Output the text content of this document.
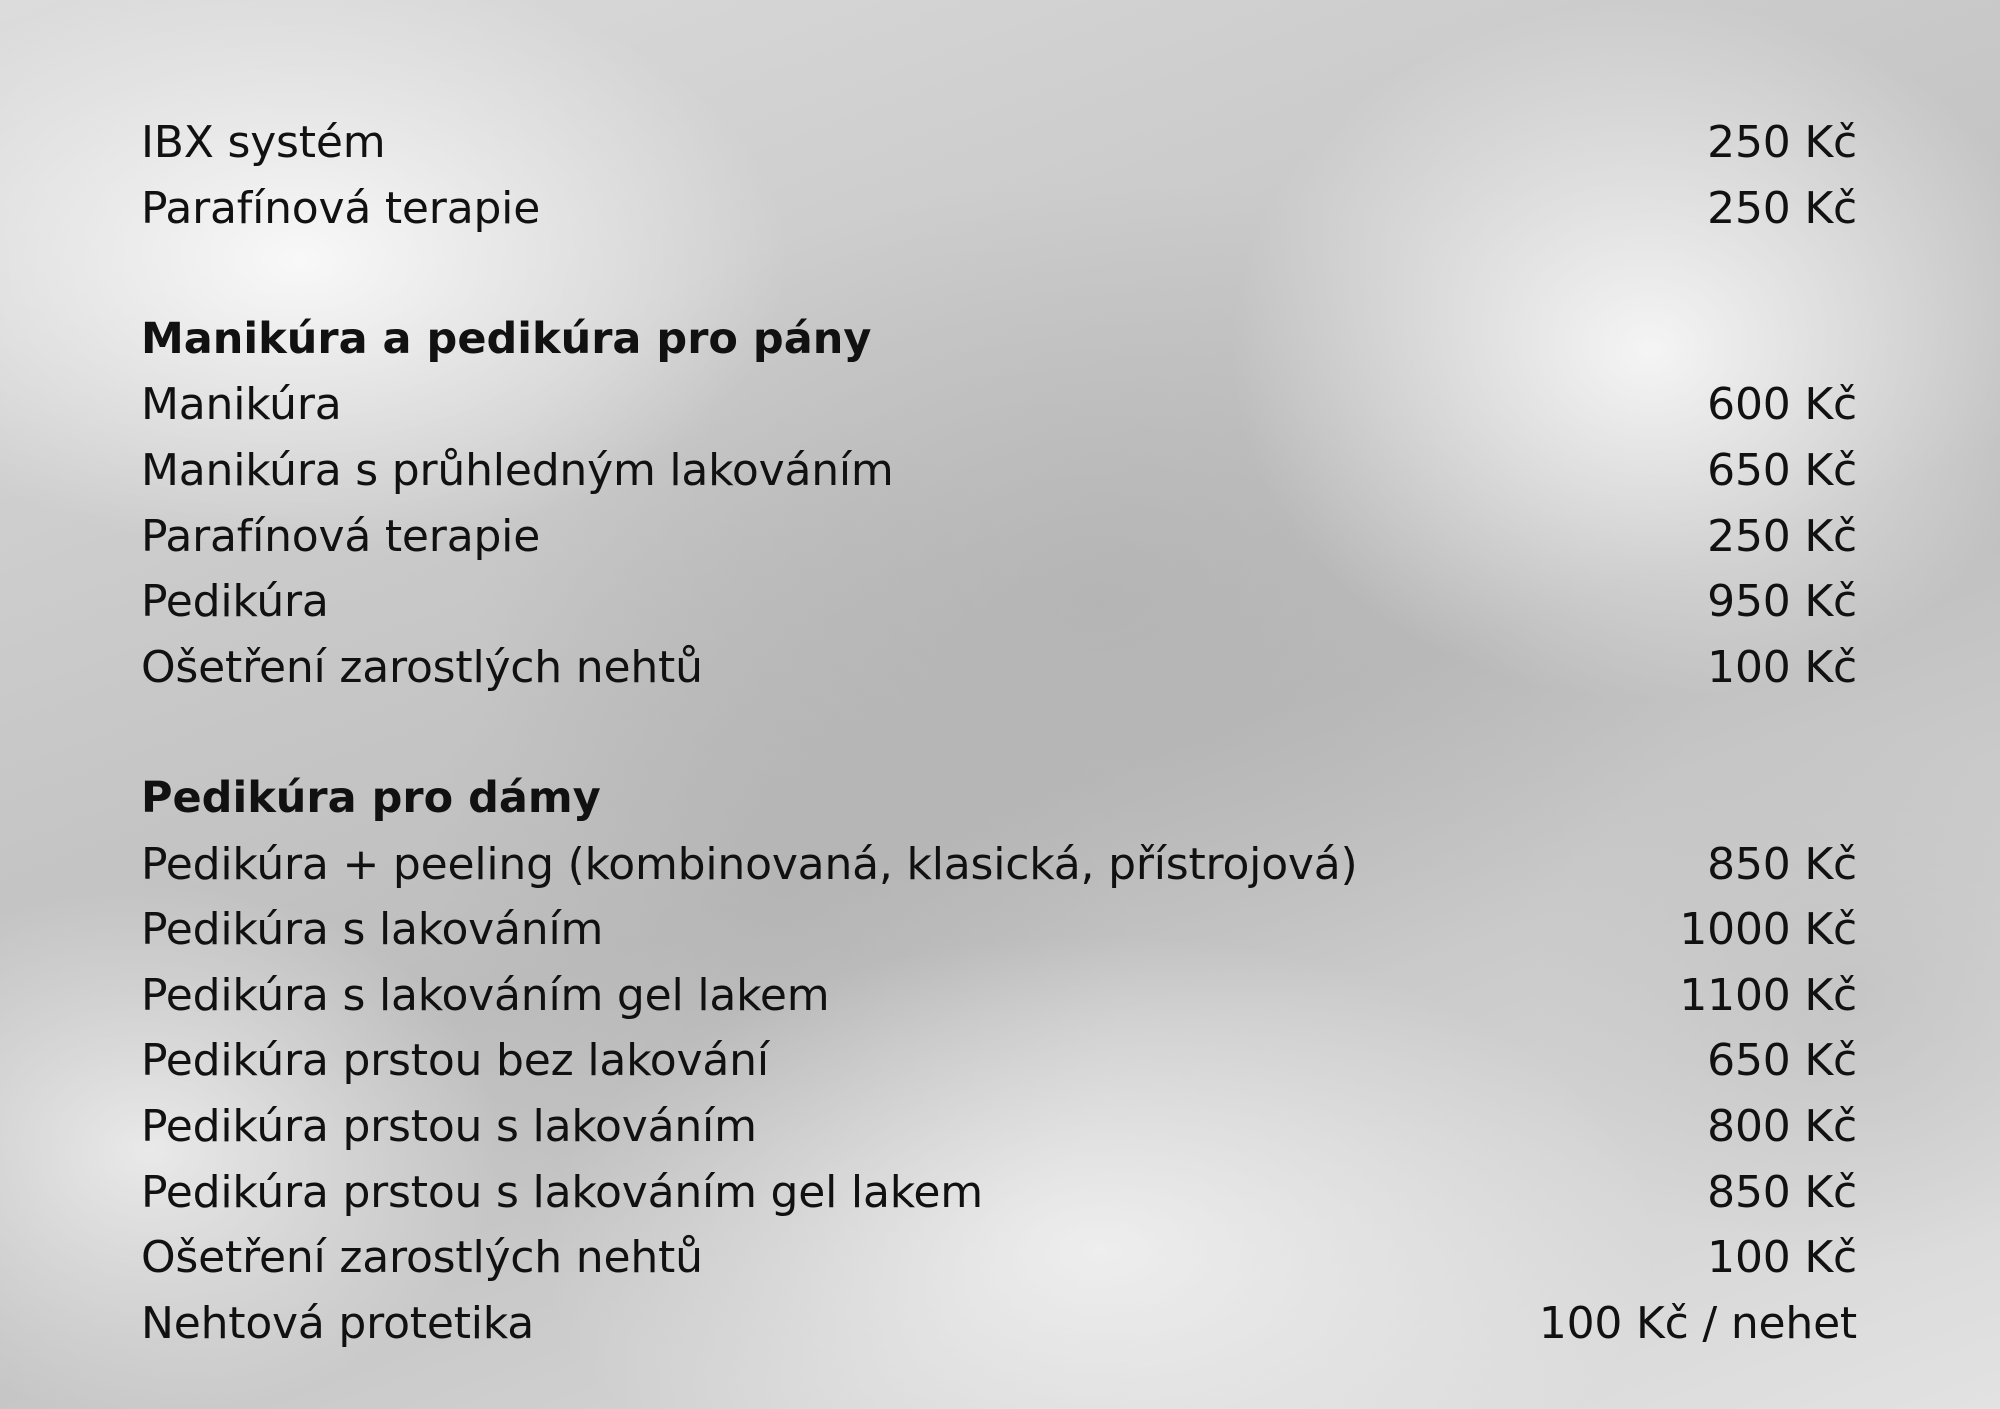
IBX systém	250 Kč
Parafínová terapie	250 Kč
Manikúra a pedikúra pro pány
Manikúra	600 Kč
Manikúra s průhledným lakováním	650 Kč
Parafínová terapie	250 Kč
Pedikúra	950 Kč
Ošetření zarostlých nehtů	100 Kč
Pedikúra pro dámy
Pedikúra + peeling (kombinovaná, klasická, přístrojová)	850 Kč
Pedikúra s lakováním	1000 Kč
Pedikúra s lakováním gel lakem	1100 Kč
Pedikúra prstou bez lakování	650 Kč
Pedikúra prstou s lakováním	800 Kč
Pedikúra prstou s lakováním gel lakem	850 Kč
Ošetření zarostlých nehtů	100 Kč
Nehtová protetika	100 Kč / nehet
